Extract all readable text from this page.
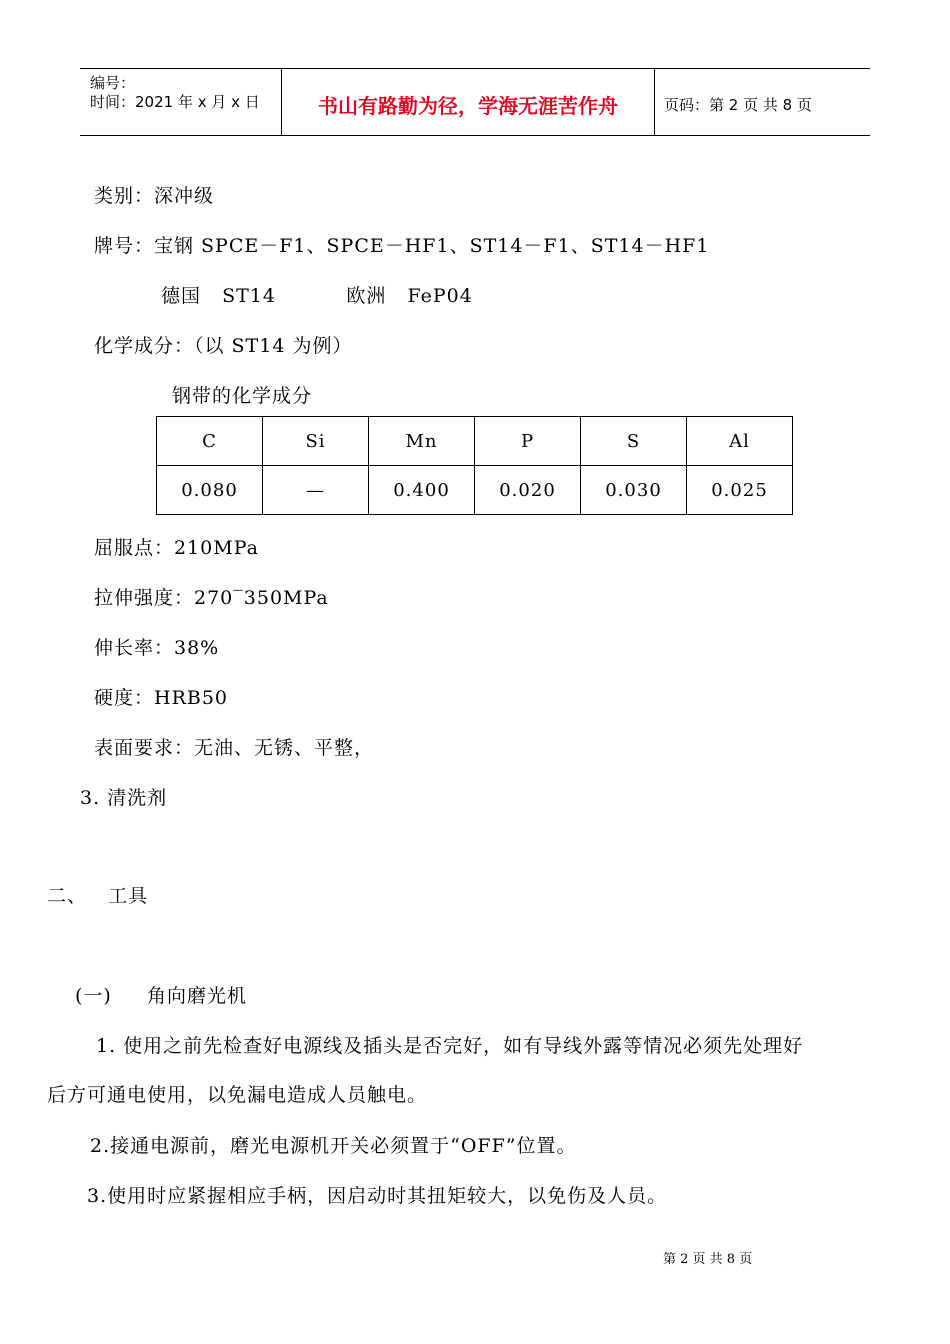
编号：
时间：2021 年 x 月 x 日	书山有路勤为径，学海无涯苦作舟	页码：第 2 页 共 8 页
类别：深冲级
牌号：宝钢 SPCE－F1、SPCE－HF1、ST14－F1、ST14－HF1
德国   ST14          欧洲   FeP04
化学成分：（以 ST14 为例）
钢带的化学成分
C	Si	Mn	P	S	Al
0.080	—	0.400	0.020	0.030	0.025
屈服点：210MPa
拉伸强度：270‾350MPa
伸长率：38%
硬度：HRB50
表面要求：无油、无锈、平整，
3. 清洗剂
二、   工具
(一)     角向磨光机
1. 使用之前先检查好电源线及插头是否完好，如有导线外露等情况必须先处理好
后方可通电使用，以免漏电造成人员触电。
2.接通电源前，磨光电源机开关必须置于“OFF”位置。
3.使用时应紧握相应手柄，因启动时其扭矩较大，以免伤及人员。
第 2 页 共 8 页
